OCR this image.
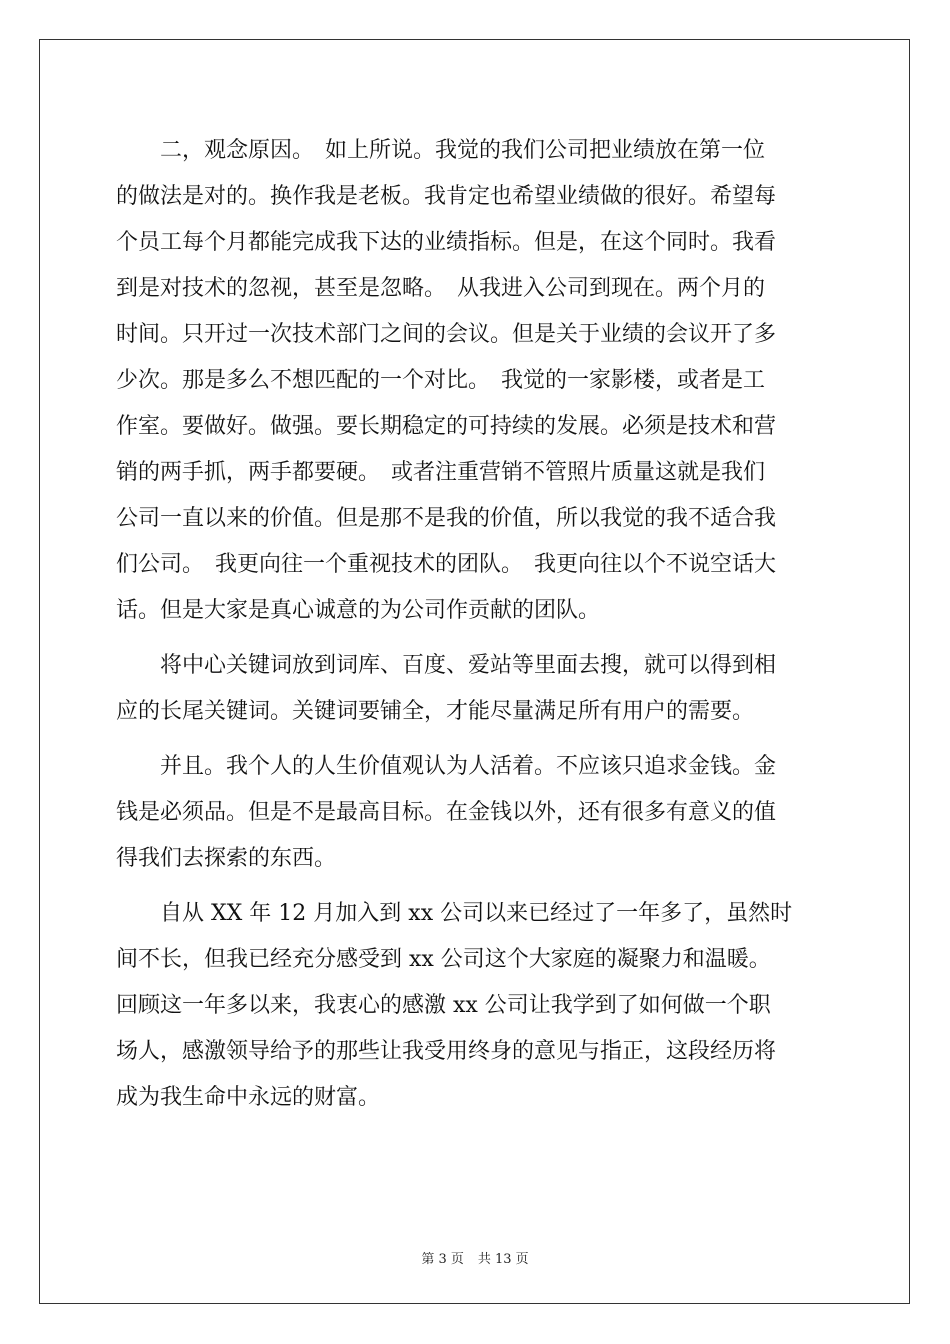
　　二，观念原因。　如上所说。我觉的我们公司把业绩放在第一位
的做法是对的。换作我是老板。我肯定也希望业绩做的很好。希望每
个员工每个月都能完成我下达的业绩指标。但是，在这个同时。我看
到是对技术的忽视，甚至是忽略。　从我进入公司到现在。两个月的
时间。只开过一次技术部门之间的会议。但是关于业绩的会议开了多
少次。那是多么不想匹配的一个对比。　我觉的一家影楼，或者是工
作室。要做好。做强。要长期稳定的可持续的发展。必须是技术和营
销的两手抓，两手都要硬。　或者注重营销不管照片质量这就是我们
公司一直以来的价值。但是那不是我的价值，所以我觉的我不适合我
们公司。　我更向往一个重视技术的团队。　我更向往以个不说空话大
话。但是大家是真心诚意的为公司作贡献的团队。
　　将中心关键词放到词库、百度、爱站等里面去搜，就可以得到相
应的长尾关键词。关键词要铺全，才能尽量满足所有用户的需要。
　　并且。我个人的人生价值观认为人活着。不应该只追求金钱。金
钱是必须品。但是不是最高目标。在金钱以外，还有很多有意义的值
得我们去探索的东西。
　　自从 XX 年 12 月加入到 xx 公司以来已经过了一年多了，虽然时
间不长，但我已经充分感受到 xx 公司这个大家庭的凝聚力和温暖。
回顾这一年多以来，我衷心的感激 xx 公司让我学到了如何做一个职
场人，感激领导给予的那些让我受用终身的意见与指正，这段经历将
成为我生命中永远的财富。
第 3 页 共 13 页
